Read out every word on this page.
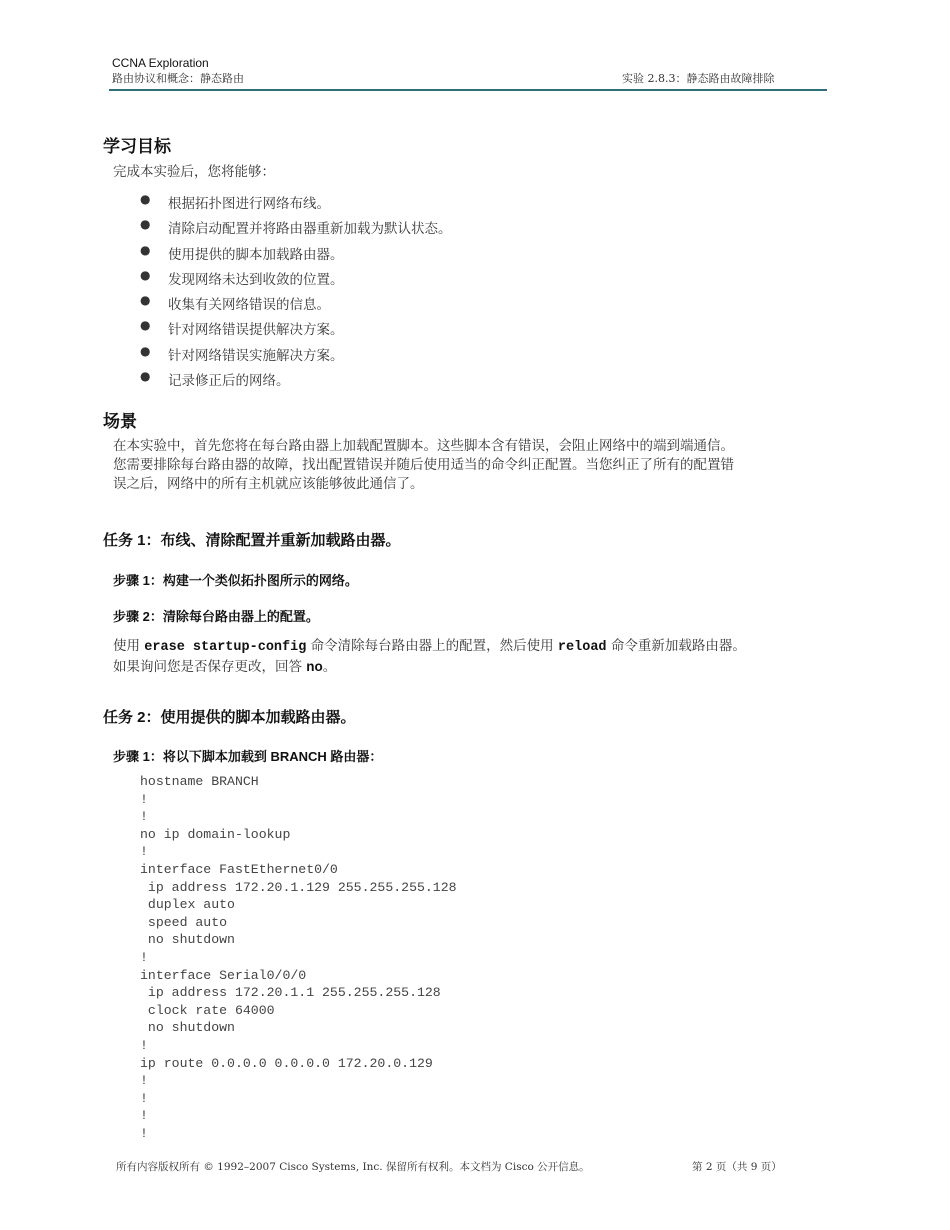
CCNA Exploration
路由协议和概念：静态路由	实验 2.8.3：静态路由故障排除
学习目标
完成本实验后，您将能够：
● 根据拓扑图进行网络布线。
● 清除启动配置并将路由器重新加载为默认状态。
● 使用提供的脚本加载路由器。
● 发现网络未达到收敛的位置。
● 收集有关网络错误的信息。
● 针对网络错误提供解决方案。
● 针对网络错误实施解决方案。
● 记录修正后的网络。
场景
在本实验中，首先您将在每台路由器上加载配置脚本。这些脚本含有错误，会阻止网络中的端到端通信。
您需要排除每台路由器的故障，找出配置错误并随后使用适当的命令纠正配置。当您纠正了所有的配置错
误之后，网络中的所有主机就应该能够彼此通信了。
任务 1：布线、清除配置并重新加载路由器。
步骤 1：构建一个类似拓扑图所示的网络。
步骤 2：清除每台路由器上的配置。
使用 erase startup-config 命令清除每台路由器上的配置，然后使用 reload 命令重新加载路由器。
如果询问您是否保存更改，回答 no。
任务 2：使用提供的脚本加载路由器。
步骤 1：将以下脚本加载到 BRANCH 路由器：
hostname BRANCH
!
!
no ip domain-lookup
!
interface FastEthernet0/0
ip address 172.20.1.129 255.255.255.128
duplex auto
speed auto
no shutdown
!
interface Serial0/0/0
ip address 172.20.1.1 255.255.255.128
clock rate 64000
no shutdown
!
ip route 0.0.0.0 0.0.0.0 172.20.0.129
!
!
!
!
所有内容版权所有 © 1992–2007 Cisco Systems, Inc. 保留所有权利。本文档为 Cisco 公开信息。	第 2 页（共 9 页）
